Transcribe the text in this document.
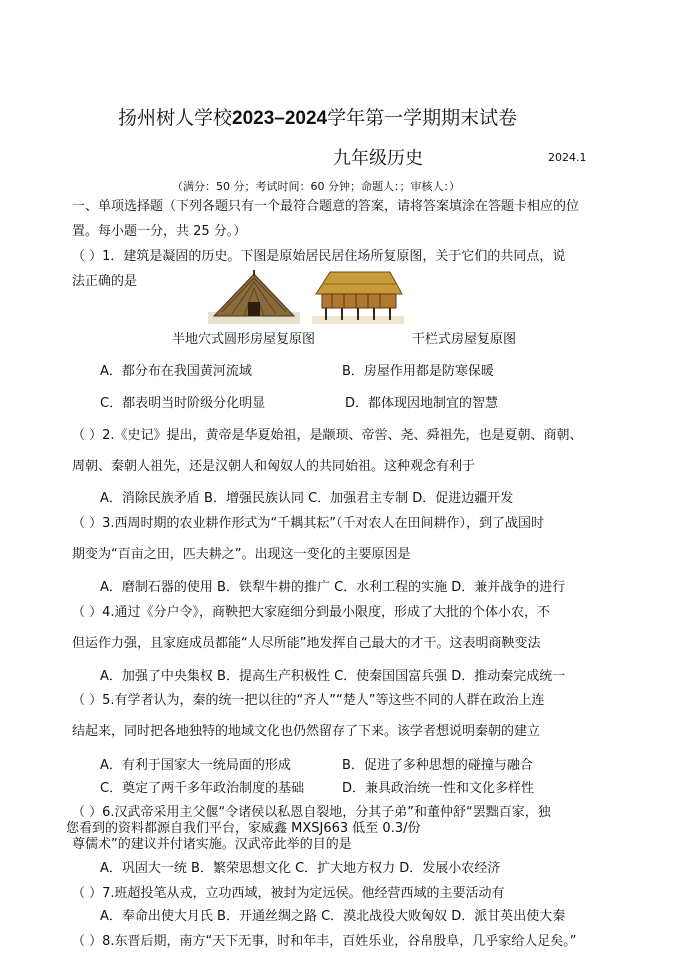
扬州树人学校2023–2024学年第一学期期末试卷
九年级历史	2024.1
（满分：50 分；考试时间：60 分钟；命题人：；审核人：）
一、单项选择题（下列各题只有一个最符合题意的答案，请将答案填涂在答题卡相应的位
置。每小题一分，共 25 分。）
（ ）1．建筑是凝固的历史。下图是原始居民居住场所复原图，关于它们的共同点，说
法正确的是
半地穴式圆形房屋复原图	干栏式房屋复原图
A．都分布在我国黄河流域	B．房屋作用都是防寒保暖
C．都表明当时阶级分化明显	D．都体现因地制宜的智慧
（ ）2.《史记》提出，黄帝是华夏始祖，是颛顼、帝喾、尧、舜祖先，也是夏朝、商朝、
周朝、秦朝人祖先，还是汉朝人和匈奴人的共同始祖。这种观念有利于
A．消除民族矛盾 B．增强民族认同 C．加强君主专制 D．促进边疆开发
（ ）3.西周时期的农业耕作形式为“千耦其耘”（千对农人在田间耕作），到了战国时
期变为“百亩之田，匹夫耕之”。出现这一变化的主要原因是
A．磨制石器的使用 B．铁犁牛耕的推广 C．水利工程的实施 D．兼并战争的进行
（ ）4.通过《分户令》，商鞅把大家庭细分到最小限度，形成了大批的个体小农，不
但运作力强，且家庭成员都能“人尽所能”地发挥自己最大的才干。这表明商鞅变法
A．加强了中央集权 B．提高生产积极性 C．使秦国国富兵强 D．推动秦完成统一
（ ）5.有学者认为，秦的统一把以往的“齐人”“楚人”等这些不同的人群在政治上连
结起来，同时把各地独特的地域文化也仍然留存了下来。该学者想说明秦朝的建立
A．有利于国家大一统局面的形成	B．促进了多种思想的碰撞与融合
C．奠定了两千多年政治制度的基础	D．兼具政治统一性和文化多样性
（ ）6.汉武帝采用主父偃“令诸侯以私恩自裂地，分其子弟”和董仲舒“罢黜百家，独
您看到的资料都源自我们平台，家威鑫 MXSJ663 低至 0.3/份
尊儒术”的建议并付诸实施。汉武帝此举的目的是
A．巩固大一统 B．繁荣思想文化 C．扩大地方权力 D．发展小农经济
（ ）7.班超投笔从戎，立功西域，被封为定远侯。他经营西域的主要活动有
A．奉命出使大月氏 B．开通丝绸之路 C．漠北战役大败匈奴 D．派甘英出使大秦
（ ）8.东晋后期，南方“天下无事，时和年丰，百姓乐业，谷帛殷阜，几乎家给人足矣。”
